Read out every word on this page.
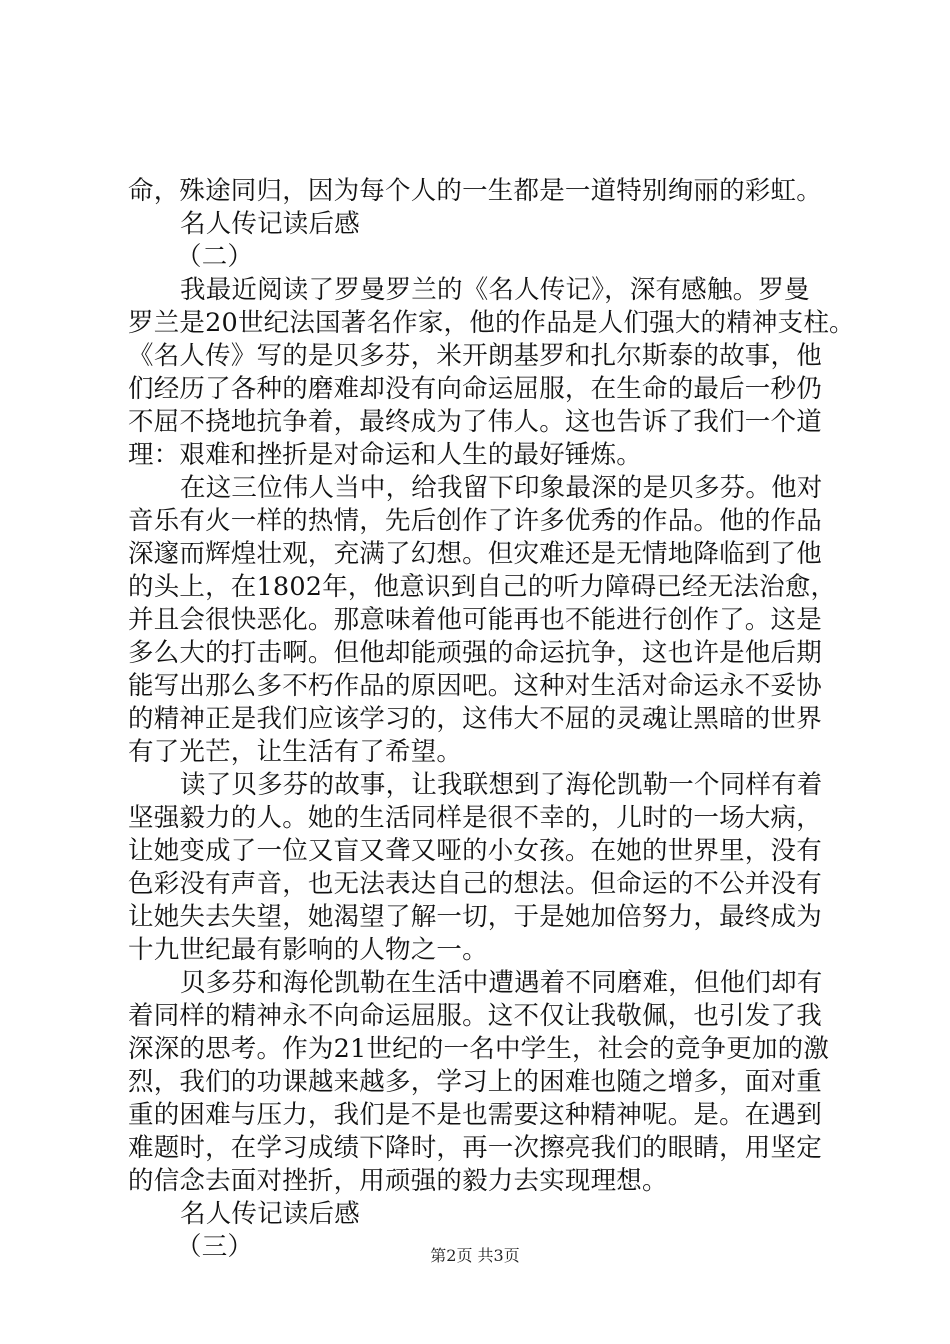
命，殊途同归，因为每个人的一生都是一道特别绚丽的彩虹。
名人传记读后感
（二）
我最近阅读了罗曼罗兰的《名人传记》，深有感触。罗曼
罗兰是20世纪法国著名作家，他的作品是人们强大的精神支柱。
《名人传》写的是贝多芬，米开朗基罗和扎尔斯泰的故事，他
们经历了各种的磨难却没有向命运屈服，在生命的最后一秒仍
不屈不挠地抗争着，最终成为了伟人。这也告诉了我们一个道
理：艰难和挫折是对命运和人生的最好锤炼。
在这三位伟人当中，给我留下印象最深的是贝多芬。他对
音乐有火一样的热情，先后创作了许多优秀的作品。他的作品
深邃而辉煌壮观，充满了幻想。但灾难还是无情地降临到了他
的头上，在1802年，他意识到自己的听力障碍已经无法治愈，
并且会很快恶化。那意味着他可能再也不能进行创作了。这是
多么大的打击啊。但他却能顽强的命运抗争，这也许是他后期
能写出那么多不朽作品的原因吧。这种对生活对命运永不妥协
的精神正是我们应该学习的，这伟大不屈的灵魂让黑暗的世界
有了光芒，让生活有了希望。
读了贝多芬的故事，让我联想到了海伦凯勒一个同样有着
坚强毅力的人。她的生活同样是很不幸的，儿时的一场大病，
让她变成了一位又盲又聋又哑的小女孩。在她的世界里，没有
色彩没有声音，也无法表达自己的想法。但命运的不公并没有
让她失去失望，她渴望了解一切，于是她加倍努力，最终成为
十九世纪最有影响的人物之一。
贝多芬和海伦凯勒在生活中遭遇着不同磨难，但他们却有
着同样的精神永不向命运屈服。这不仅让我敬佩，也引发了我
深深的思考。作为21世纪的一名中学生，社会的竞争更加的激
烈，我们的功课越来越多，学习上的困难也随之增多，面对重
重的困难与压力，我们是不是也需要这种精神呢。是。在遇到
难题时，在学习成绩下降时，再一次擦亮我们的眼睛，用坚定
的信念去面对挫折，用顽强的毅力去实现理想。
名人传记读后感
（三）	第2页 共3页
